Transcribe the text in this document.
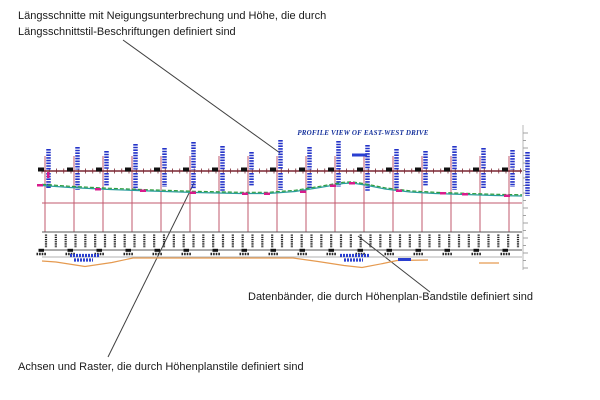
Längsschnitte mit Neigungsunterbrechung und Höhe, die durch
Längsschnittstil-Beschriftungen definiert sind
Datenbänder, die durch Höhenplan-Bandstile definiert sind
Achsen und Raster, die durch Höhenplanstile definiert sind
PROFILE VIEW OF EAST-WEST DRIVE
